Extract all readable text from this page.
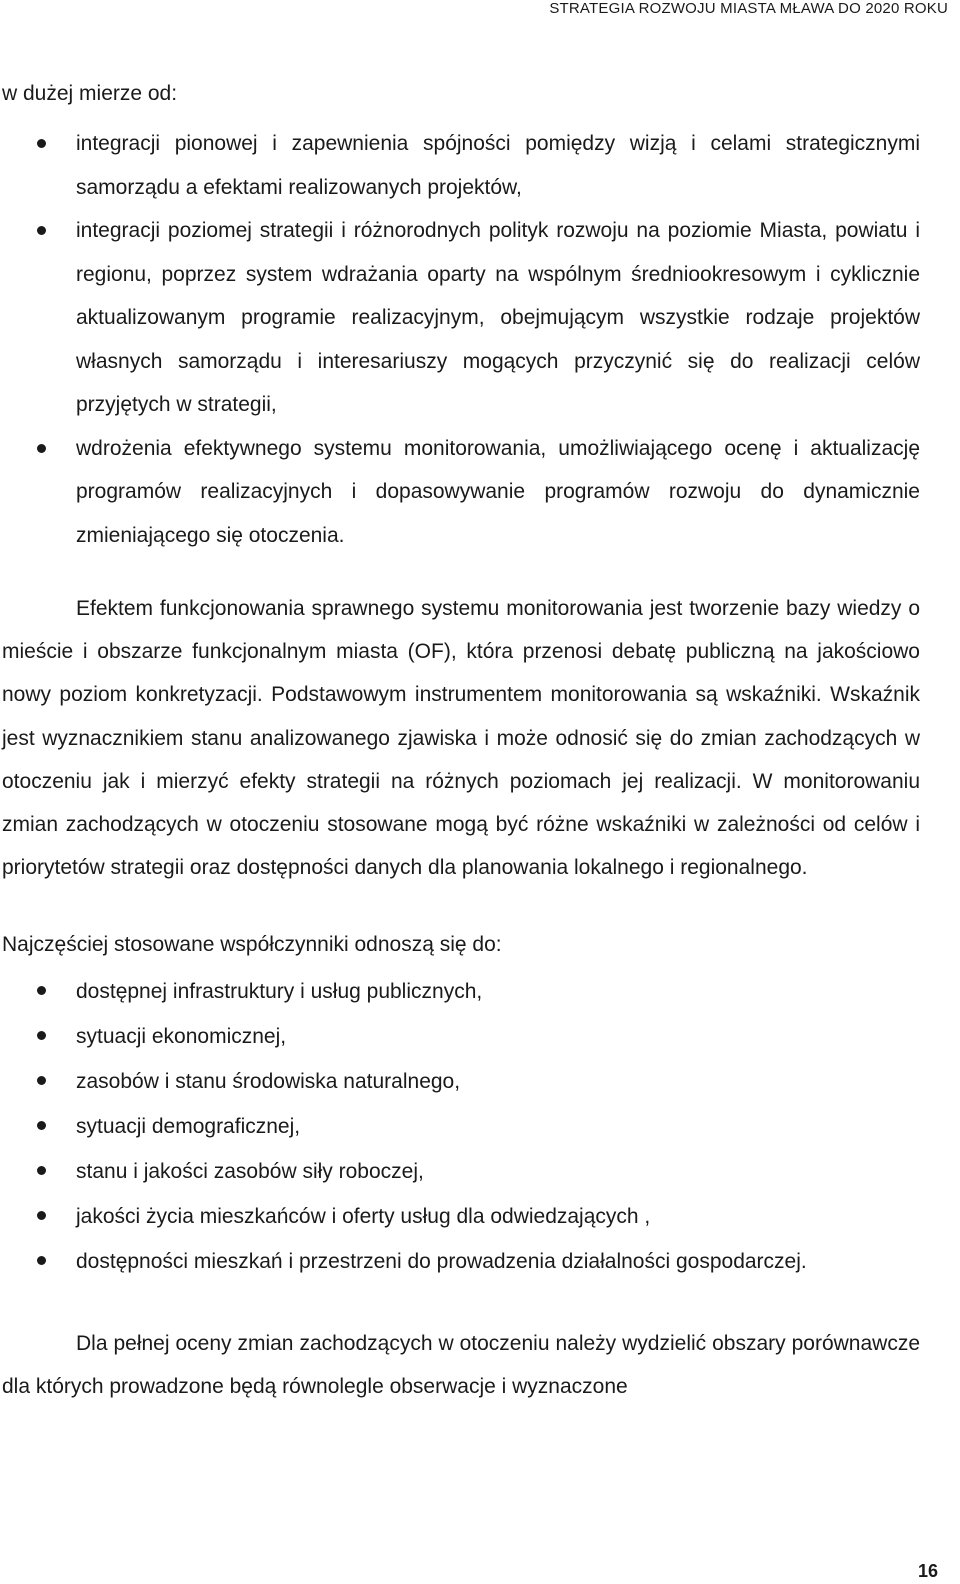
STRATEGIA ROZWOJU MIASTA MŁAWA DO 2020 ROKU

w dużej mierze od:

integracji pionowej i zapewnienia spójności pomiędzy wizją i celami strategicznymi samorządu a efektami realizowanych projektów,
integracji poziomej strategii i różnorodnych polityk rozwoju na poziomie Miasta, powiatu i regionu, poprzez system wdrażania oparty na wspólnym średniookresowym i cyklicznie aktualizowanym programie realizacyjnym, obejmującym wszystkie rodzaje projektów własnych samorządu i interesariuszy mogących przyczynić się do realizacji celów przyjętych w strategii,
wdrożenia efektywnego systemu monitorowania, umożliwiającego ocenę i aktualizację programów realizacyjnych i dopasowywanie programów rozwoju do dynamicznie zmieniającego się otoczenia.

Efektem funkcjonowania sprawnego systemu monitorowania jest tworzenie bazy wiedzy o mieście i obszarze funkcjonalnym miasta (OF), która przenosi debatę publiczną na jakościowo nowy poziom konkretyzacji. Podstawowym instrumentem monitorowania są wskaźniki. Wskaźnik jest wyznacznikiem stanu analizowanego zjawiska i może odnosić się do zmian zachodzących w otoczeniu jak i mierzyć efekty strategii na różnych poziomach jej realizacji. W monitorowaniu zmian zachodzących w otoczeniu stosowane mogą być różne wskaźniki w zależności od celów i priorytetów strategii oraz dostępności danych dla planowania lokalnego i regionalnego.

Najczęściej stosowane współczynniki odnoszą się do:

dostępnej infrastruktury i usług publicznych,
sytuacji ekonomicznej,
zasobów i stanu środowiska naturalnego,
sytuacji demograficznej,
stanu i jakości zasobów siły roboczej,
jakości życia mieszkańców i oferty usług dla odwiedzających ,
dostępności mieszkań i przestrzeni do prowadzenia działalności gospodarczej.

Dla pełnej oceny zmian zachodzących w otoczeniu należy wydzielić obszary porównawcze dla których prowadzone będą równolegle obserwacje i wyznaczone

16
